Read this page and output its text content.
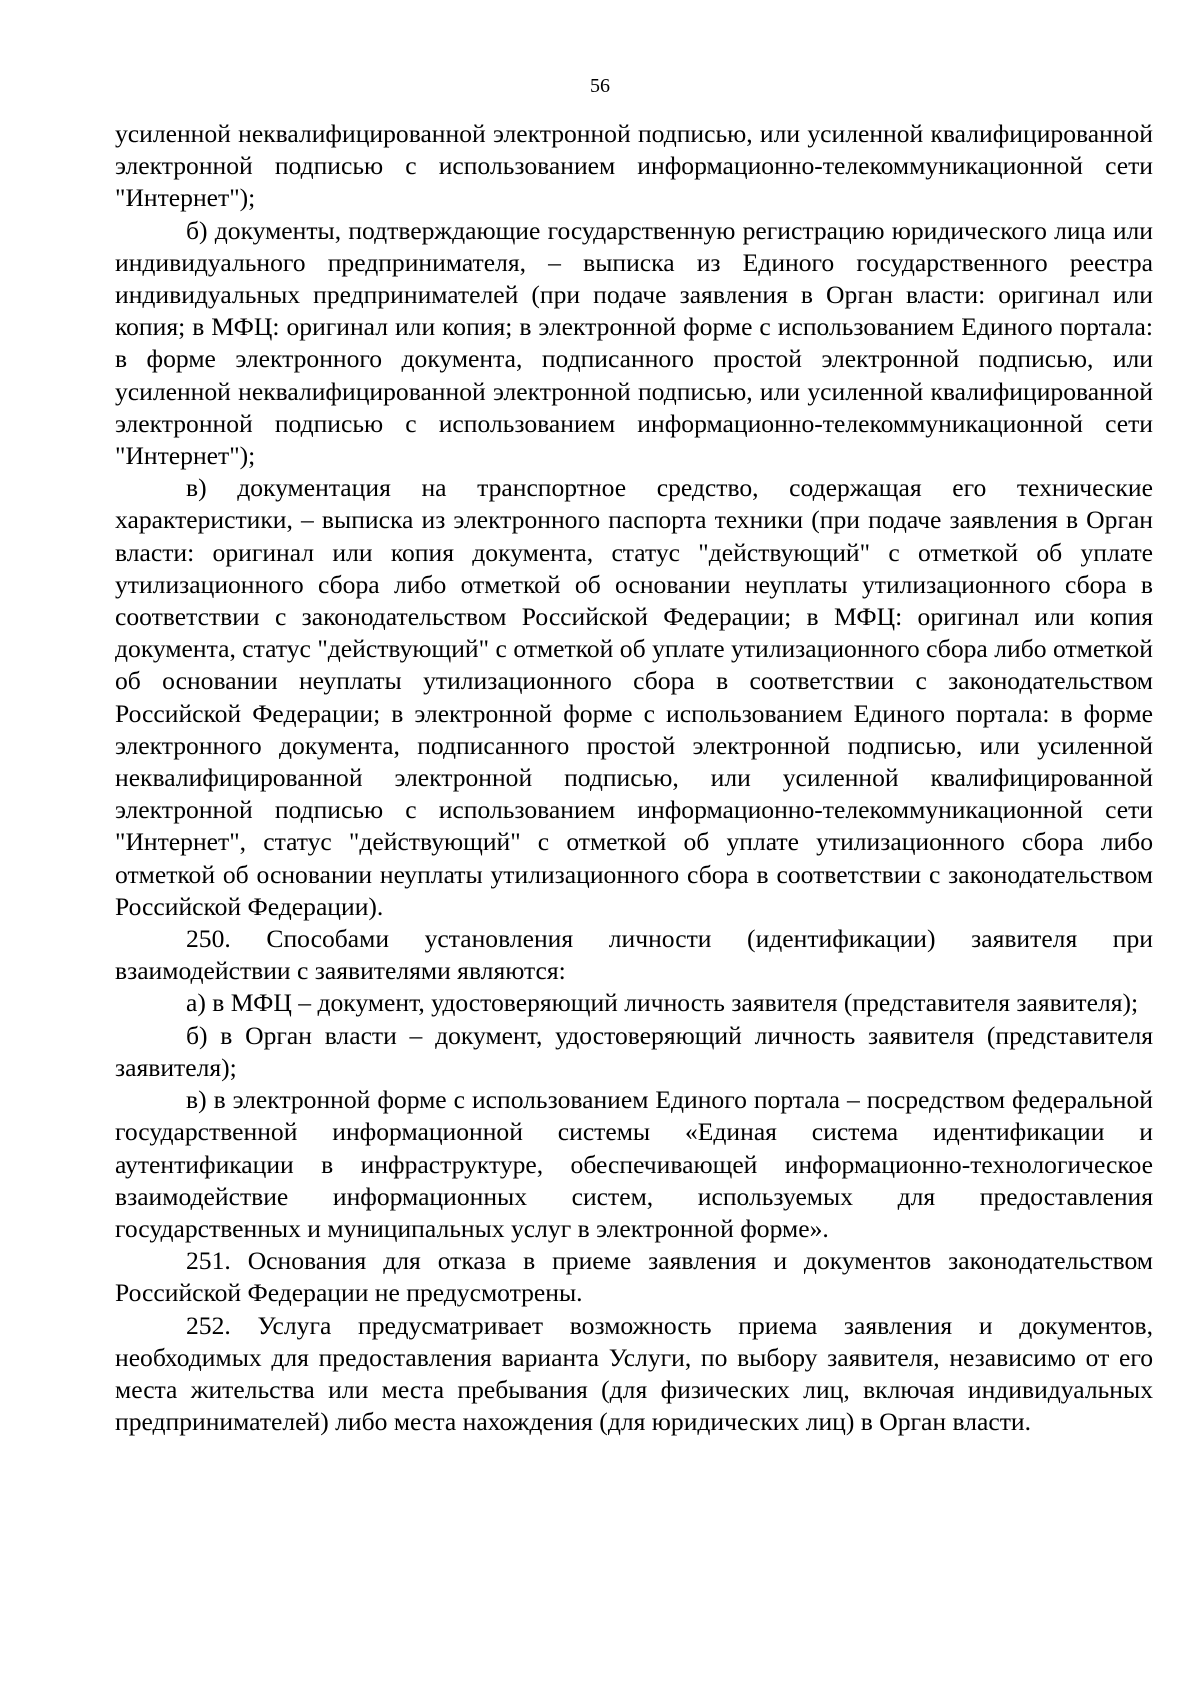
56

усиленной неквалифицированной электронной подписью, или усиленной квалифицированной электронной подписью с использованием информационно-телекоммуникационной сети "Интернет");

б) документы, подтверждающие государственную регистрацию юридического лица или индивидуального предпринимателя, – выписка из Единого государственного реестра индивидуальных предпринимателей (при подаче заявления в Орган власти: оригинал или копия; в МФЦ: оригинал или копия; в электронной форме с использованием Единого портала: в форме электронного документа, подписанного простой электронной подписью, или усиленной неквалифицированной электронной подписью, или усиленной квалифицированной электронной подписью с использованием информационно-телекоммуникационной сети "Интернет");

в) документация на транспортное средство, содержащая его технические характеристики, – выписка из электронного паспорта техники (при подаче заявления в Орган власти: оригинал или копия документа, статус "действующий" с отметкой об уплате утилизационного сбора либо отметкой об основании неуплаты утилизационного сбора в соответствии с законодательством Российской Федерации; в МФЦ: оригинал или копия документа, статус "действующий" с отметкой об уплате утилизационного сбора либо отметкой об основании неуплаты утилизационного сбора в соответствии с законодательством Российской Федерации; в электронной форме с использованием Единого портала: в форме электронного документа, подписанного простой электронной подписью, или усиленной неквалифицированной электронной подписью, или усиленной квалифицированной электронной подписью с использованием информационно-телекоммуникационной сети "Интернет", статус "действующий" с отметкой об уплате утилизационного сбора либо отметкой об основании неуплаты утилизационного сбора в соответствии с законодательством Российской Федерации).

250. Способами установления личности (идентификации) заявителя при взаимодействии с заявителями являются:

а) в МФЦ – документ, удостоверяющий личность заявителя (представителя заявителя);

б) в Орган власти – документ, удостоверяющий личность заявителя (представителя заявителя);

в) в электронной форме с использованием Единого портала – посредством федеральной государственной информационной системы «Единая система идентификации и аутентификации в инфраструктуре, обеспечивающей информационно-технологическое взаимодействие информационных систем, используемых для предоставления государственных и муниципальных услуг в электронной форме».

251. Основания для отказа в приеме заявления и документов законодательством Российской Федерации не предусмотрены.

252. Услуга предусматривает возможность приема заявления и документов, необходимых для предоставления варианта Услуги, по выбору заявителя, независимо от его места жительства или места пребывания (для физических лиц, включая индивидуальных предпринимателей) либо места нахождения (для юридических лиц) в Орган власти.
